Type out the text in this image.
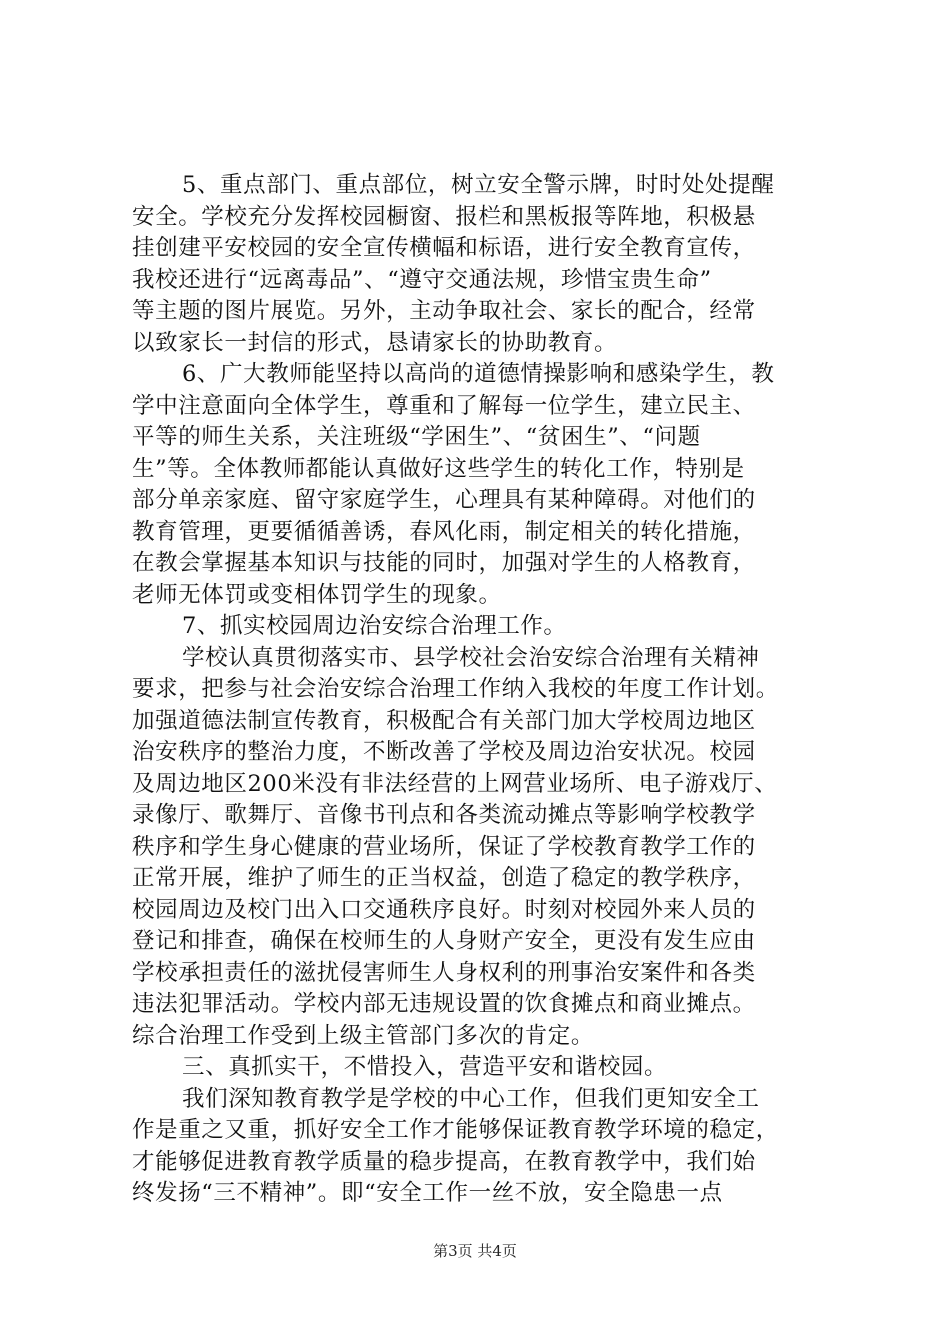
5、重点部门、重点部位，树立安全警示牌，时时处处提醒
安全。学校充分发挥校园橱窗、报栏和黑板报等阵地，积极悬
挂创建平安校园的安全宣传横幅和标语，进行安全教育宣传，
我校还进行“远离毒品”、“遵守交通法规，珍惜宝贵生命”
等主题的图片展览。另外，主动争取社会、家长的配合，经常
以致家长一封信的形式，恳请家长的协助教育。
6、广大教师能坚持以高尚的道德情操影响和感染学生，教
学中注意面向全体学生，尊重和了解每一位学生，建立民主、
平等的师生关系，关注班级“学困生”、“贫困生”、“问题
生”等。全体教师都能认真做好这些学生的转化工作，特别是
部分单亲家庭、留守家庭学生，心理具有某种障碍。对他们的
教育管理，更要循循善诱，春风化雨，制定相关的转化措施，
在教会掌握基本知识与技能的同时，加强对学生的人格教育，
老师无体罚或变相体罚学生的现象。
7、抓实校园周边治安综合治理工作。
学校认真贯彻落实市、县学校社会治安综合治理有关精神
要求，把参与社会治安综合治理工作纳入我校的年度工作计划。
加强道德法制宣传教育，积极配合有关部门加大学校周边地区
治安秩序的整治力度，不断改善了学校及周边治安状况。校园
及周边地区200米没有非法经营的上网营业场所、电子游戏厅、
录像厅、歌舞厅、音像书刊点和各类流动摊点等影响学校教学
秩序和学生身心健康的营业场所，保证了学校教育教学工作的
正常开展，维护了师生的正当权益，创造了稳定的教学秩序，
校园周边及校门出入口交通秩序良好。时刻对校园外来人员的
登记和排查，确保在校师生的人身财产安全，更没有发生应由
学校承担责任的滋扰侵害师生人身权利的刑事治安案件和各类
违法犯罪活动。学校内部无违规设置的饮食摊点和商业摊点。
综合治理工作受到上级主管部门多次的肯定。
三、真抓实干，不惜投入，营造平安和谐校园。
我们深知教育教学是学校的中心工作，但我们更知安全工
作是重之又重，抓好安全工作才能够保证教育教学环境的稳定，
才能够促进教育教学质量的稳步提高，在教育教学中，我们始
终发扬“三不精神”。即“安全工作一丝不放，安全隐患一点
第3页 共4页
